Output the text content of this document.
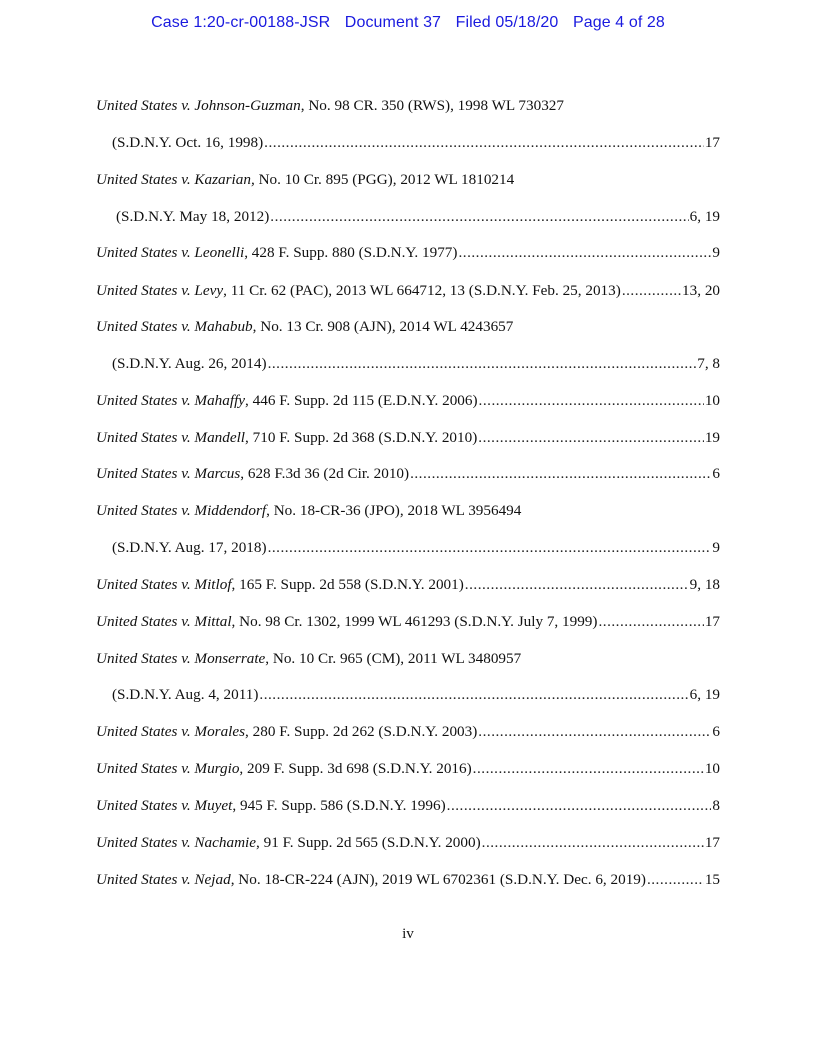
Case 1:20-cr-00188-JSR Document 37 Filed 05/18/20 Page 4 of 28
United States v. Johnson-Guzman, No. 98 CR. 350 (RWS), 1998 WL 730327
(S.D.N.Y. Oct. 16, 1998) .....	17
United States v. Kazarian, No. 10 Cr. 895 (PGG), 2012 WL 1810214
(S.D.N.Y. May 18, 2012) .....	6, 19
United States v. Leonelli, 428 F. Supp. 880 (S.D.N.Y. 1977) .....	9
United States v. Levy, 11 Cr. 62 (PAC), 2013 WL 664712, 13 (S.D.N.Y. Feb. 25, 2013) .....	13, 20
United States v. Mahabub, No. 13 Cr. 908 (AJN), 2014 WL 4243657
(S.D.N.Y. Aug. 26, 2014) .....	7, 8
United States v. Mahaffy, 446 F. Supp. 2d 115 (E.D.N.Y. 2006) .....	10
United States v. Mandell, 710 F. Supp. 2d 368 (S.D.N.Y. 2010) .....	19
United States v. Marcus, 628 F.3d 36 (2d Cir. 2010) .....	6
United States v. Middendorf, No. 18-CR-36 (JPO), 2018 WL 3956494
(S.D.N.Y. Aug. 17, 2018) .....	9
United States v. Mitlof, 165 F. Supp. 2d 558 (S.D.N.Y. 2001) .....	9, 18
United States v. Mittal, No. 98 Cr. 1302, 1999 WL 461293 (S.D.N.Y. July 7, 1999) .....	17
United States v. Monserrate, No. 10 Cr. 965 (CM), 2011 WL 3480957
(S.D.N.Y. Aug. 4, 2011) .....	6, 19
United States v. Morales, 280 F. Supp. 2d 262 (S.D.N.Y. 2003) .....	6
United States v. Murgio, 209 F. Supp. 3d 698 (S.D.N.Y. 2016) .....	10
United States v. Muyet, 945 F. Supp. 586 (S.D.N.Y. 1996) .....	8
United States v. Nachamie, 91 F. Supp. 2d 565 (S.D.N.Y. 2000) .....	17
United States v. Nejad, No. 18-CR-224 (AJN), 2019 WL 6702361 (S.D.N.Y. Dec. 6, 2019) .....	15
iv
